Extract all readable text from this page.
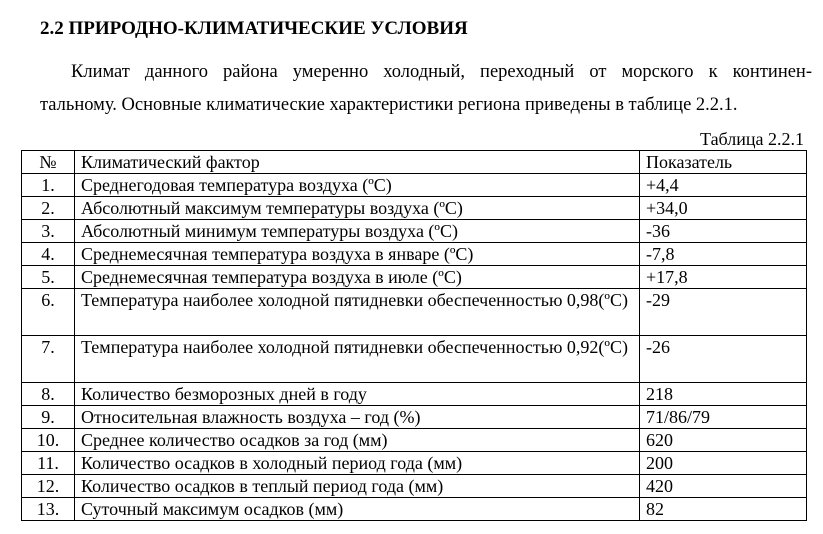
2.2 ПРИРОДНО-КЛИМАТИЧЕСКИЕ УСЛОВИЯ
Климат данного района умеренно холодный, переходный от морского к континен-
тальному. Основные климатические характеристики региона приведены в таблице 2.2.1.
Таблица 2.2.1
№	Климатический фактор	Показатель
1.	Среднегодовая температура воздуха (ºC)	+4,4
2.	Абсолютный максимум температуры воздуха (ºC)	+34,0
3.	Абсолютный минимум температуры воздуха (ºC)	-36
4.	Среднемесячная температура воздуха в январе (ºC)	-7,8
5.	Среднемесячная температура воздуха в июле (ºC)	+17,8
6.	Температура наиболее холодной пятидневки обеспеченностью 0,98(ºC)	-29
7.	Температура наиболее холодной пятидневки обеспеченностью 0,92(ºC)	-26
8.	Количество безморозных дней в году	218
9.	Относительная влажность воздуха – год (%)	71/86/79
10.	Среднее количество осадков за год (мм)	620
11.	Количество осадков в холодный период года (мм)	200
12.	Количество осадков в теплый период года (мм)	420
13.	Суточный максимум осадков (мм)	82
